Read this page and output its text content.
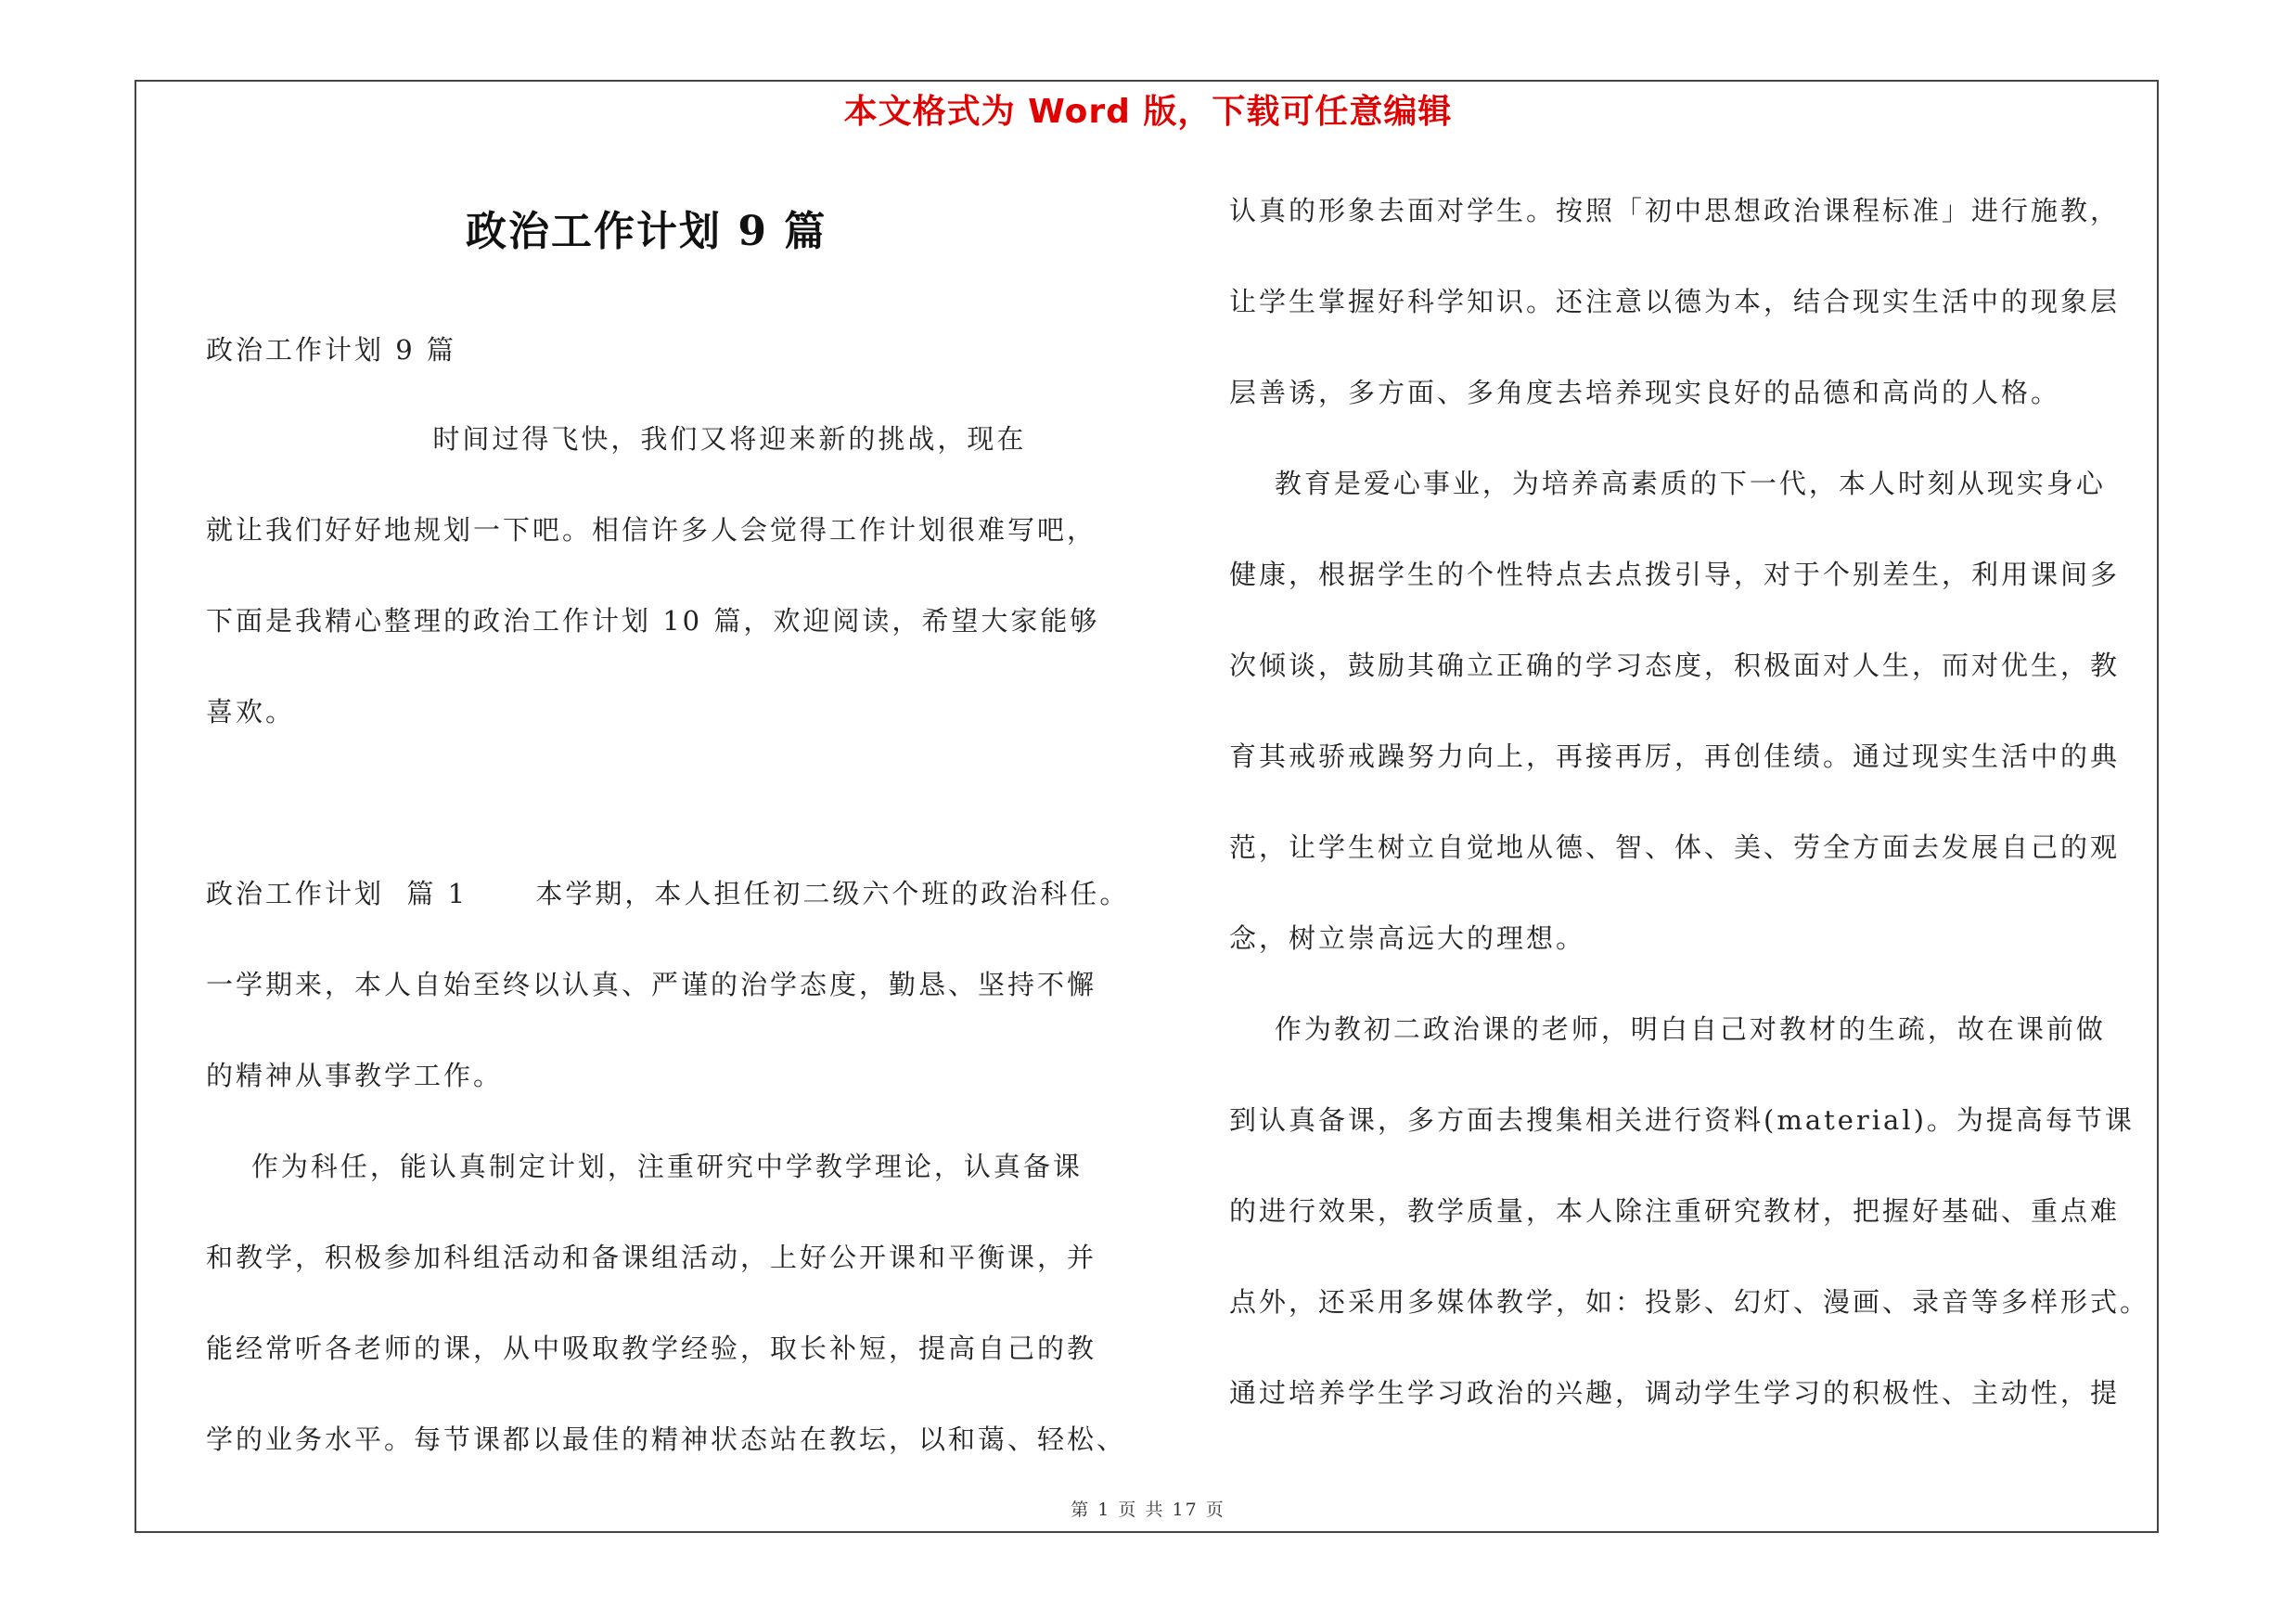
本文格式为 Word 版，下载可任意编辑
政治工作计划 9 篇
政治工作计划 9 篇
时间过得飞快，我们又将迎来新的挑战，现在
就让我们好好地规划一下吧。相信许多人会觉得工作计划很难写吧，
下面是我精心整理的政治工作计划 10 篇，欢迎阅读，希望大家能够
喜欢。
政治工作计划  篇 1      本学期，本人担任初二级六个班的政治科任。
一学期来，本人自始至终以认真、严谨的治学态度，勤恳、坚持不懈
的精神从事教学工作。
作为科任，能认真制定计划，注重研究中学教学理论，认真备课
和教学，积极参加科组活动和备课组活动，上好公开课和平衡课，并
能经常听各老师的课，从中吸取教学经验，取长补短，提高自己的教
学的业务水平。每节课都以最佳的精神状态站在教坛，以和蔼、轻松、
认真的形象去面对学生。按照「初中思想政治课程标准」进行施教，
让学生掌握好科学知识。还注意以德为本，结合现实生活中的现象层
层善诱，多方面、多角度去培养现实良好的品德和高尚的人格。
教育是爱心事业，为培养高素质的下一代，本人时刻从现实身心
健康，根据学生的个性特点去点拨引导，对于个别差生，利用课间多
次倾谈，鼓励其确立正确的学习态度，积极面对人生，而对优生，教
育其戒骄戒躁努力向上，再接再厉，再创佳绩。通过现实生活中的典
范，让学生树立自觉地从德、智、体、美、劳全方面去发展自己的观
念，树立崇高远大的理想。
作为教初二政治课的老师，明白自己对教材的生疏，故在课前做
到认真备课，多方面去搜集相关进行资料(material)。为提高每节课
的进行效果，教学质量，本人除注重研究教材，把握好基础、重点难
点外，还采用多媒体教学，如：投影、幻灯、漫画、录音等多样形式。
通过培养学生学习政治的兴趣，调动学生学习的积极性、主动性，提
第 1 页 共 17 页
